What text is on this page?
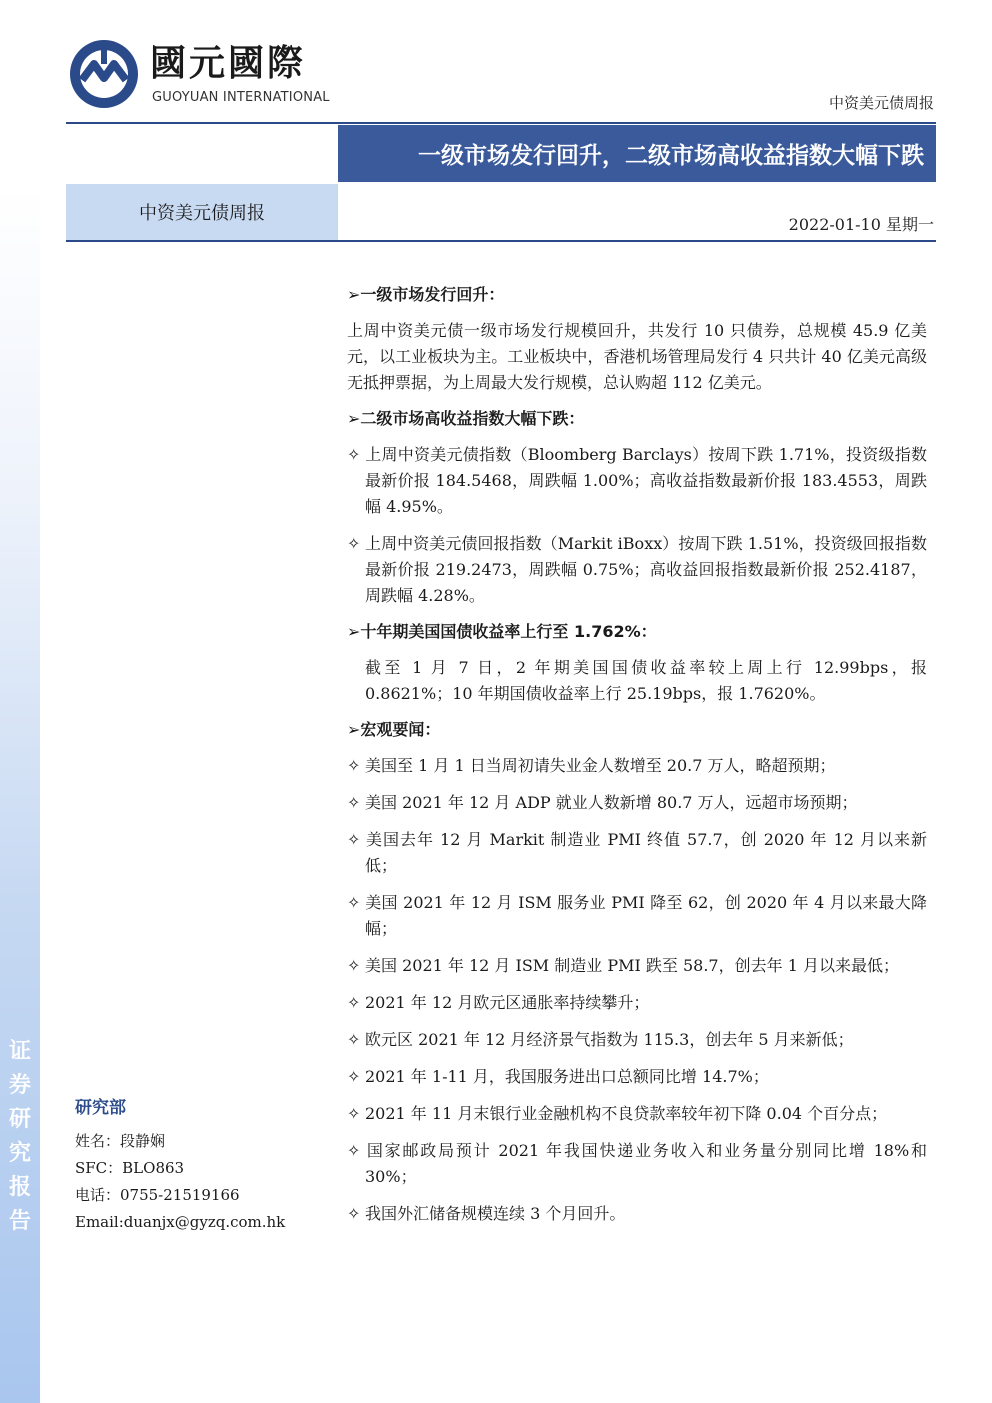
证
券
研
究
报
告
國元國際
GUOYUAN INTERNATIONAL	中资美元债周报
一级市场发行回升，二级市场高收益指数大幅下跌
中资美元债周报
2022-01-10 星期一
➢一级市场发行回升：

上周中资美元债一级市场发行规模回升，共发行 10 只债券，总规模 45.9 亿美元，以工业板块为主。工业板块中，香港机场管理局发行 4 只共计 40 亿美元高级无抵押票据，为上周最大发行规模，总认购超 112 亿美元。

➢二级市场高收益指数大幅下跌：

✧ 上周中资美元债指数（Bloomberg Barclays）按周下跌 1.71%，投资级指数最新价报 184.5468，周跌幅 1.00%；高收益指数最新价报 183.4553，周跌幅 4.95%。

✧ 上周中资美元债回报指数（Markit iBoxx）按周下跌 1.51%，投资级回报指数最新价报 219.2473，周跌幅 0.75%；高收益回报指数最新价报 252.4187，周跌幅 4.28%。

➢十年期美国国债收益率上行至 1.762%：

截至 1 月 7 日，2 年期美国国债收益率较上周上行 12.99bps，报 0.8621%；10 年期国债收益率上行 25.19bps，报 1.7620%。

➢宏观要闻：

✧ 美国至 1 月 1 日当周初请失业金人数增至 20.7 万人，略超预期；

✧ 美国 2021 年 12 月 ADP 就业人数新增 80.7 万人，远超市场预期；

✧ 美国去年 12 月 Markit 制造业 PMI 终值 57.7，创 2020 年 12 月以来新低；

✧ 美国 2021 年 12 月 ISM 服务业 PMI 降至 62，创 2020 年 4 月以来最大降幅；

✧ 美国 2021 年 12 月 ISM 制造业 PMI 跌至 58.7，创去年 1 月以来最低；

✧ 2021 年 12 月欧元区通胀率持续攀升；

✧ 欧元区 2021 年 12 月经济景气指数为 115.3，创去年 5 月来新低；

✧ 2021 年 1-11 月，我国服务进出口总额同比增 14.7%；

✧ 2021 年 11 月末银行业金融机构不良贷款率较年初下降 0.04 个百分点；

✧ 国家邮政局预计 2021 年我国快递业务收入和业务量分别同比增 18%和 30%；

✧ 我国外汇储备规模连续 3 个月回升。

研究部
姓名：段静娴
SFC：BLO863
电话：0755-21519166
Email:duanjx@gyzq.com.hk
